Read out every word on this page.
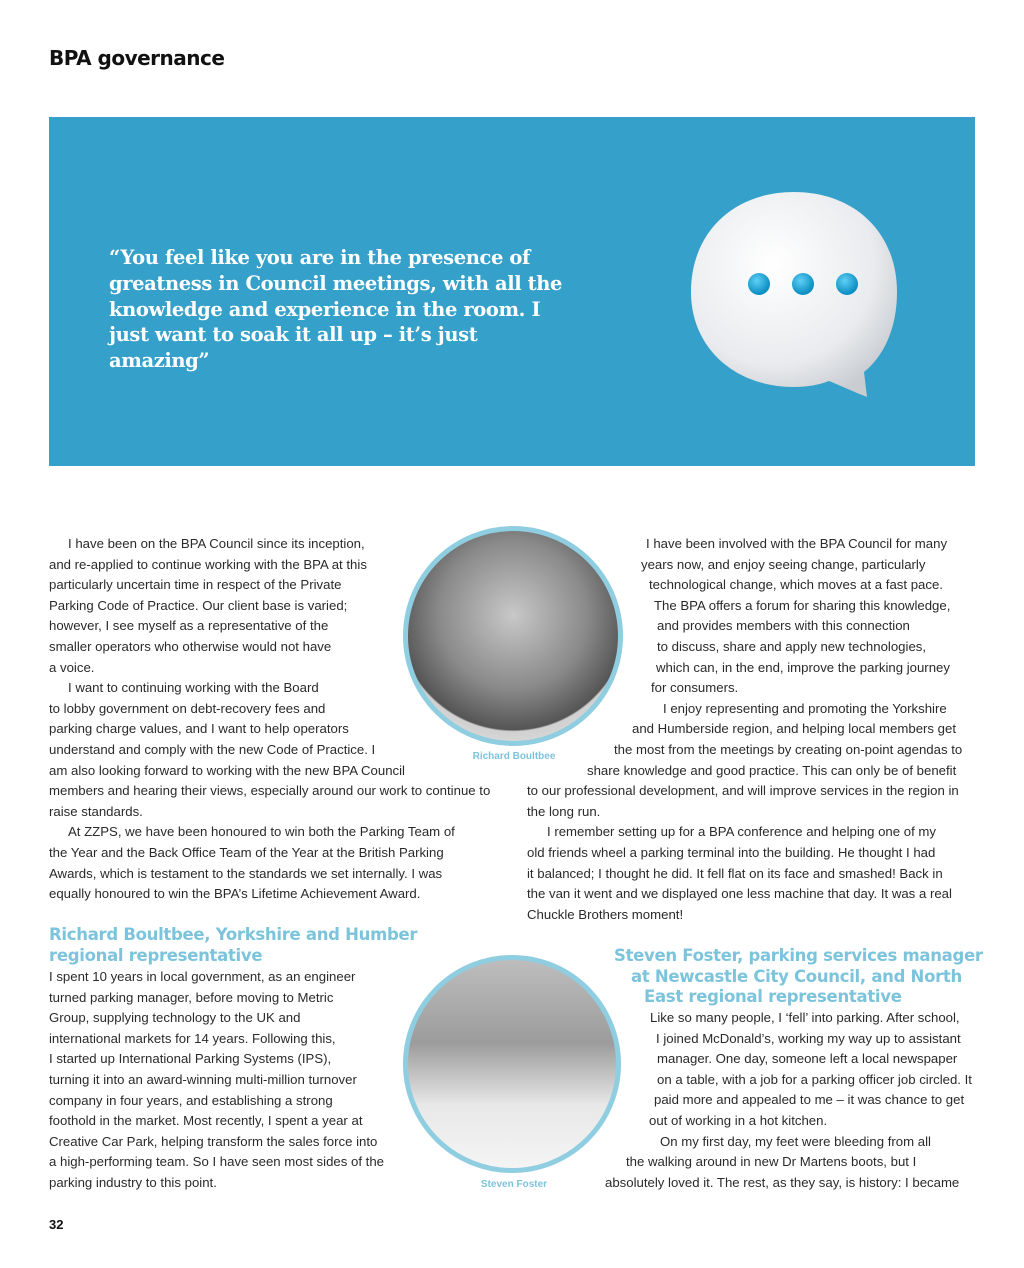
BPA governance
“You feel like you are in the presence of greatness in Council meetings, with all the knowledge and experience in the room. I just want to soak it all up – it’s just amazing”
Richard Boultbee
Steven Foster
I have been on the BPA Council since its inception,
and re-applied to continue working with the BPA at this
particularly uncertain time in respect of the Private
Parking Code of Practice. Our client base is varied;
however, I see myself as a representative of the
smaller operators who otherwise would not have
a voice.
I want to continuing working with the Board
to lobby government on debt-recovery fees and
parking charge values, and I want to help operators
understand and comply with the new Code of Practice. I
am also looking forward to working with the new BPA Council
members and hearing their views, especially around our work to continue to
raise standards.
At ZZPS, we have been honoured to win both the Parking Team of
the Year and the Back Office Team of the Year at the British Parking
Awards, which is testament to the standards we set internally. I was
equally honoured to win the BPA’s Lifetime Achievement Award.
I have been involved with the BPA Council for many
years now, and enjoy seeing change, particularly
technological change, which moves at a fast pace.
The BPA offers a forum for sharing this knowledge,
and provides members with this connection
to discuss, share and apply new technologies,
which can, in the end, improve the parking journey
for consumers.
I enjoy representing and promoting the Yorkshire
and Humberside region, and helping local members get
the most from the meetings by creating on-point agendas to
share knowledge and good practice. This can only be of benefit
to our professional development, and will improve services in the region in
the long run.
I remember setting up for a BPA conference and helping one of my
old friends wheel a parking terminal into the building. He thought I had
it balanced; I thought he did. It fell flat on its face and smashed! Back in
the van it went and we displayed one less machine that day. It was a real
Chuckle Brothers moment!
Richard Boultbee, Yorkshire and Humber
regional representative
I spent 10 years in local government, as an engineer
turned parking manager, before moving to Metric
Group, supplying technology to the UK and
international markets for 14 years. Following this,
I started up International Parking Systems (IPS),
turning it into an award-winning multi-million turnover
company in four years, and establishing a strong
foothold in the market. Most recently, I spent a year at
Creative Car Park, helping transform the sales force into
a high-performing team. So I have seen most sides of the
parking industry to this point.
Steven Foster, parking services manager
at Newcastle City Council, and North
East regional representative
Like so many people, I ‘fell’ into parking. After school,
I joined McDonald’s, working my way up to assistant
manager. One day, someone left a local newspaper
on a table, with a job for a parking officer job circled. It
paid more and appealed to me – it was chance to get
out of working in a hot kitchen.
On my first day, my feet were bleeding from all
the walking around in new Dr Martens boots, but I
absolutely loved it. The rest, as they say, is history: I became
32
